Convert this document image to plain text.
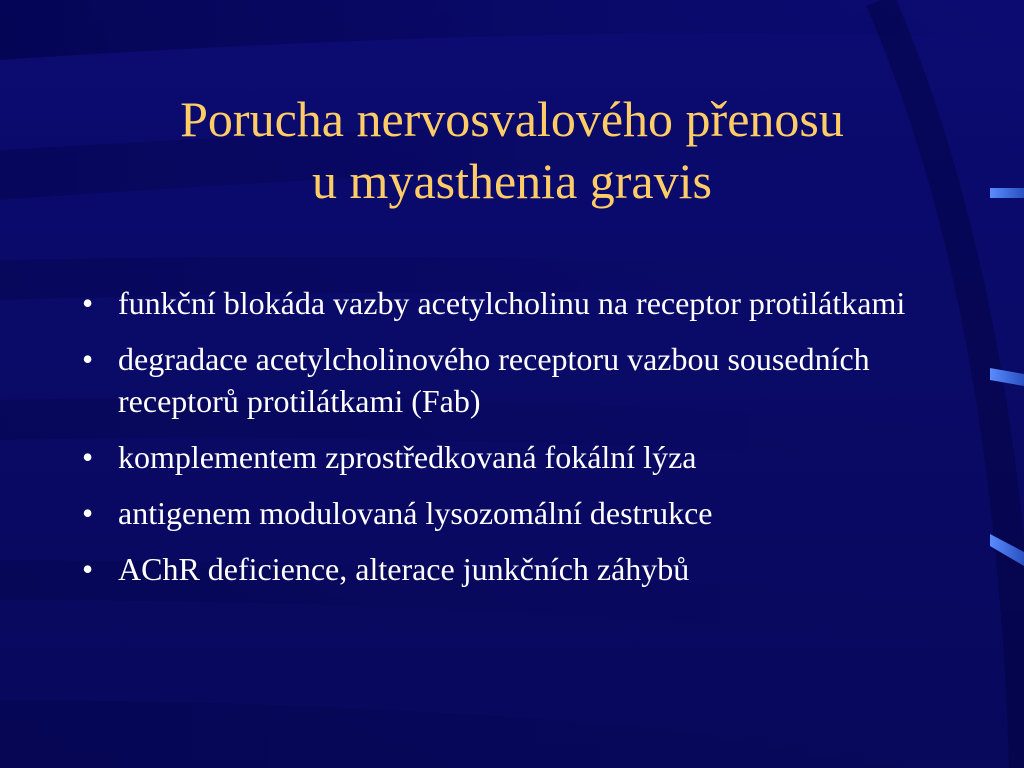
Porucha nervosvalového přenosu
u myasthenia gravis
• funkční blokáda vazby acetylcholinu na receptor protilátkami
• degradace acetylcholinového receptoru vazbou sousedních receptorů protilátkami (Fab)
• komplementem zprostředkovaná fokální lýza
• antigenem modulovaná lysozomální destrukce
• AChR deficience, alterace junkčních záhybů
